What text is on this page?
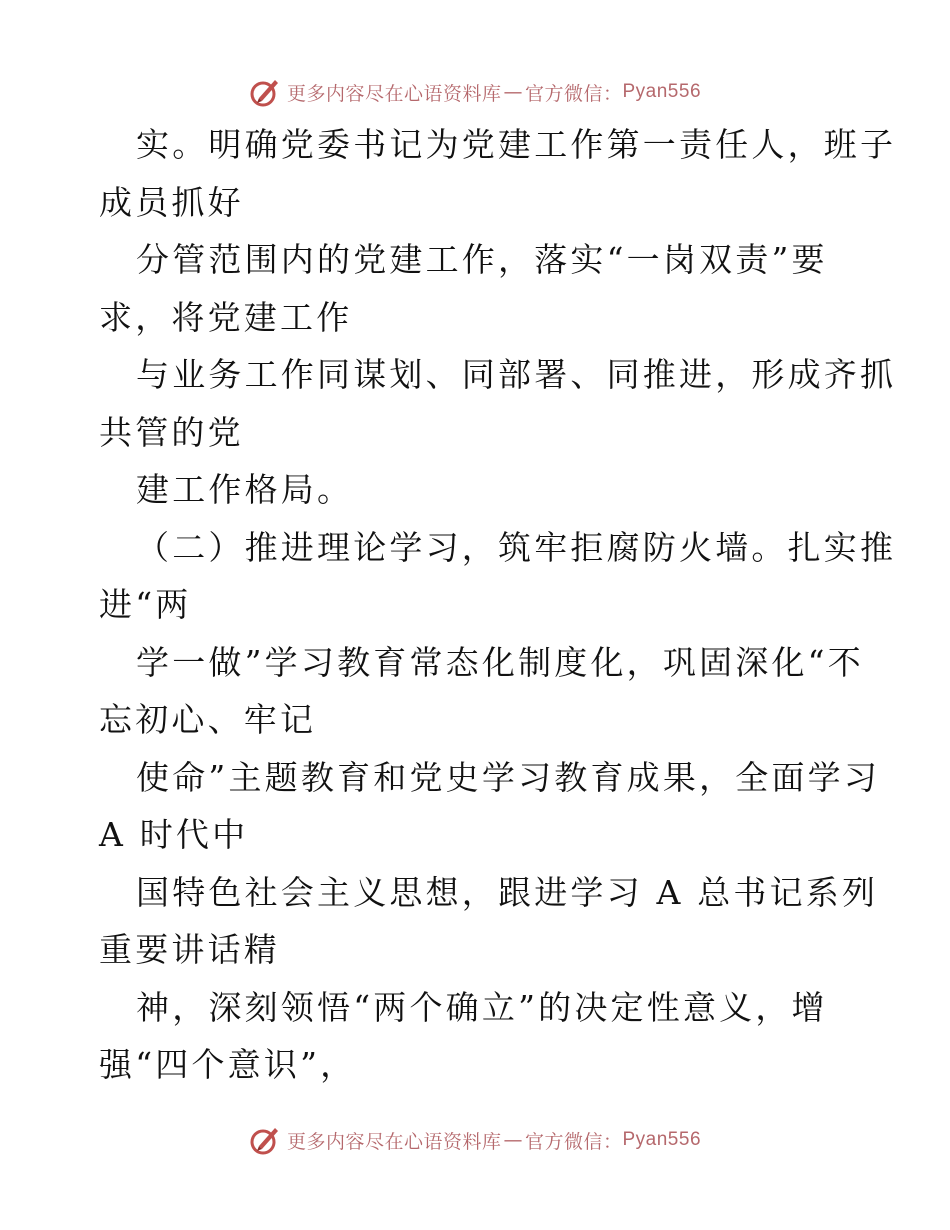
更多内容尽在心语资料库 — 官方微信： Pyan556
实。明确党委书记为党建工作第一责任人，班子
成员抓好
分管范围内的党建工作，落实“一岗双责”要
求，将党建工作
与业务工作同谋划、同部署、同推进，形成齐抓
共管的党
建工作格局。
（二）推进理论学习，筑牢拒腐防火墙。扎实推
进“两
学一做”学习教育常态化制度化，巩固深化“不
忘初心、牢记
使命”主题教育和党史学习教育成果，全面学习
A 时代中
国特色社会主义思想，跟进学习 A 总书记系列
重要讲话精
神，深刻领悟“两个确立”的决定性意义，增
强“四个意识”，
更多内容尽在心语资料库 — 官方微信： Pyan556
